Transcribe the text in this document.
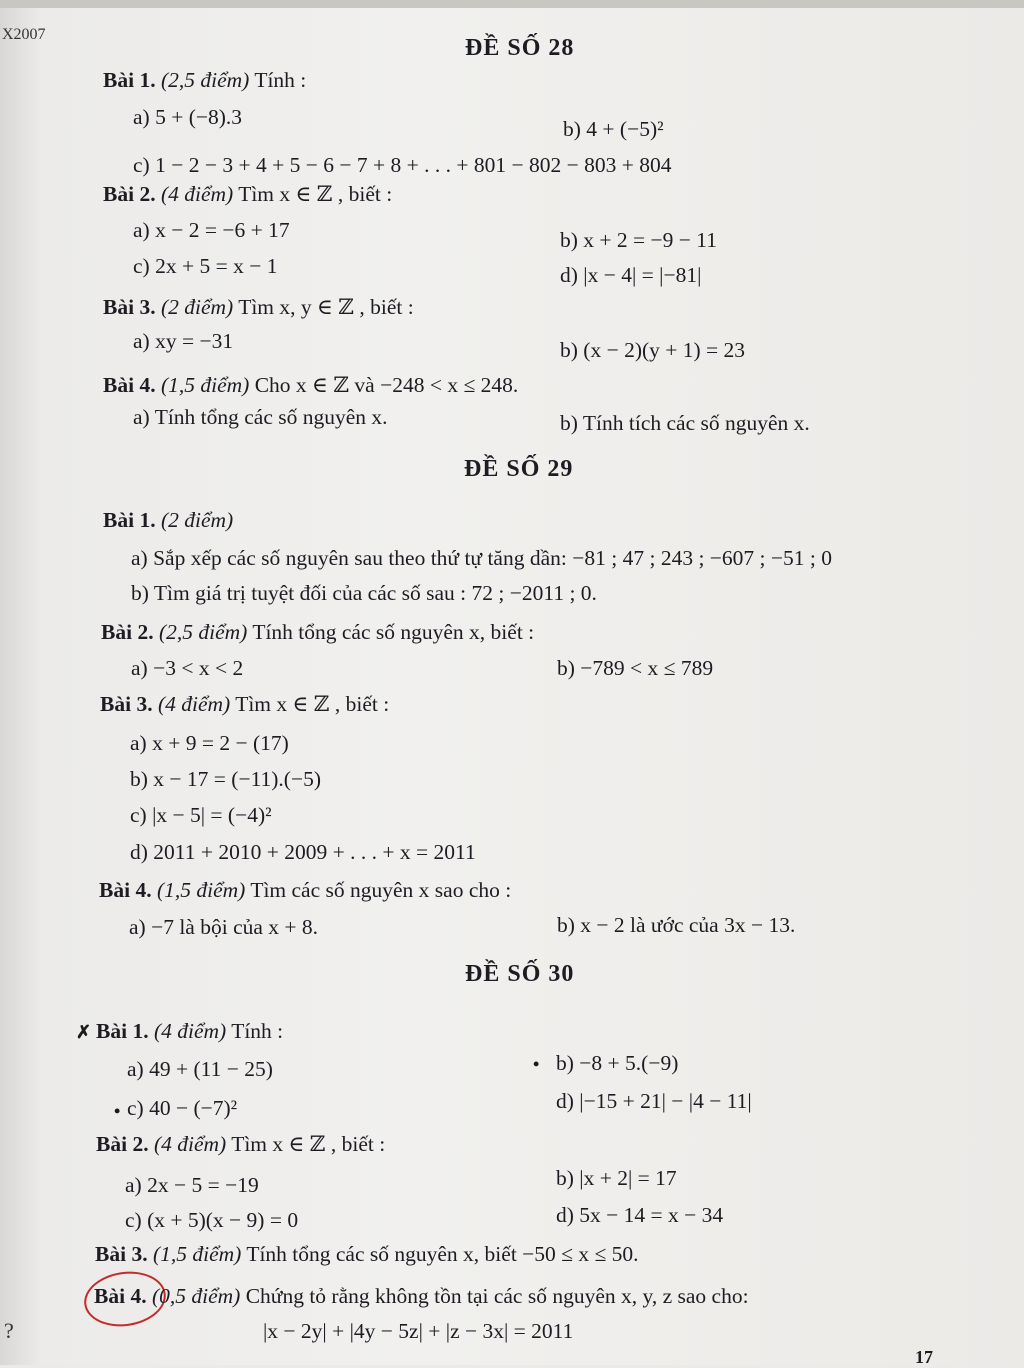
X2007
?
ĐỀ SỐ 28
Bài 1. (2,5 điểm) Tính :
a) 5 + (−8).3	b) 4 + (−5)²
c) 1 − 2 − 3 + 4 + 5 − 6 − 7 + 8 + . . . + 801 − 802 − 803 + 804
Bài 2. (4 điểm) Tìm x ∈ ℤ , biết :
a) x − 2 = −6 + 17	b) x + 2 = −9 − 11
c) 2x + 5 = x − 1	d) |x − 4| = |−81|
Bài 3. (2 điểm) Tìm x, y ∈ ℤ , biết :
a) xy = −31	b) (x − 2)(y + 1) = 23
Bài 4. (1,5 điểm) Cho x ∈ ℤ và −248 < x ≤ 248.
a) Tính tổng các số nguyên x.	b) Tính tích các số nguyên x.
ĐỀ SỐ 29
Bài 1. (2 điểm)
a) Sắp xếp các số nguyên sau theo thứ tự tăng dần: −81 ; 47 ; 243 ; −607 ; −51 ; 0
b) Tìm giá trị tuyệt đối của các số sau : 72 ; −2011 ; 0.
Bài 2. (2,5 điểm) Tính tổng các số nguyên x, biết :
a) −3 < x < 2	b) −789 < x ≤ 789
Bài 3. (4 điểm) Tìm x ∈ ℤ , biết :
a) x + 9 = 2 − (17)
b) x − 17 = (−11).(−5)
c) |x − 5| = (−4)²
d) 2011 + 2010 + 2009 + . . . + x = 2011
Bài 4. (1,5 điểm) Tìm các số nguyên x sao cho :
a) −7 là bội của x + 8.	b) x − 2 là ước của 3x − 13.
ĐỀ SỐ 30
✗ Bài 1. (4 điểm) Tính :
a) 49 + (11 − 25)	• b) −8 + 5.(−9)
• c) 40 − (−7)²	d) |−15 + 21| − |4 − 11|
Bài 2. (4 điểm) Tìm x ∈ ℤ , biết :
a) 2x − 5 = −19	b) |x + 2| = 17
c) (x + 5)(x − 9) = 0	d) 5x − 14 = x − 34
Bài 3. (1,5 điểm) Tính tổng các số nguyên x, biết −50 ≤ x ≤ 50.
Bài 4. (0,5 điểm) Chứng tỏ rằng không tồn tại các số nguyên x, y, z sao cho:
|x − 2y| + |4y − 5z| + |z − 3x| = 2011
17
